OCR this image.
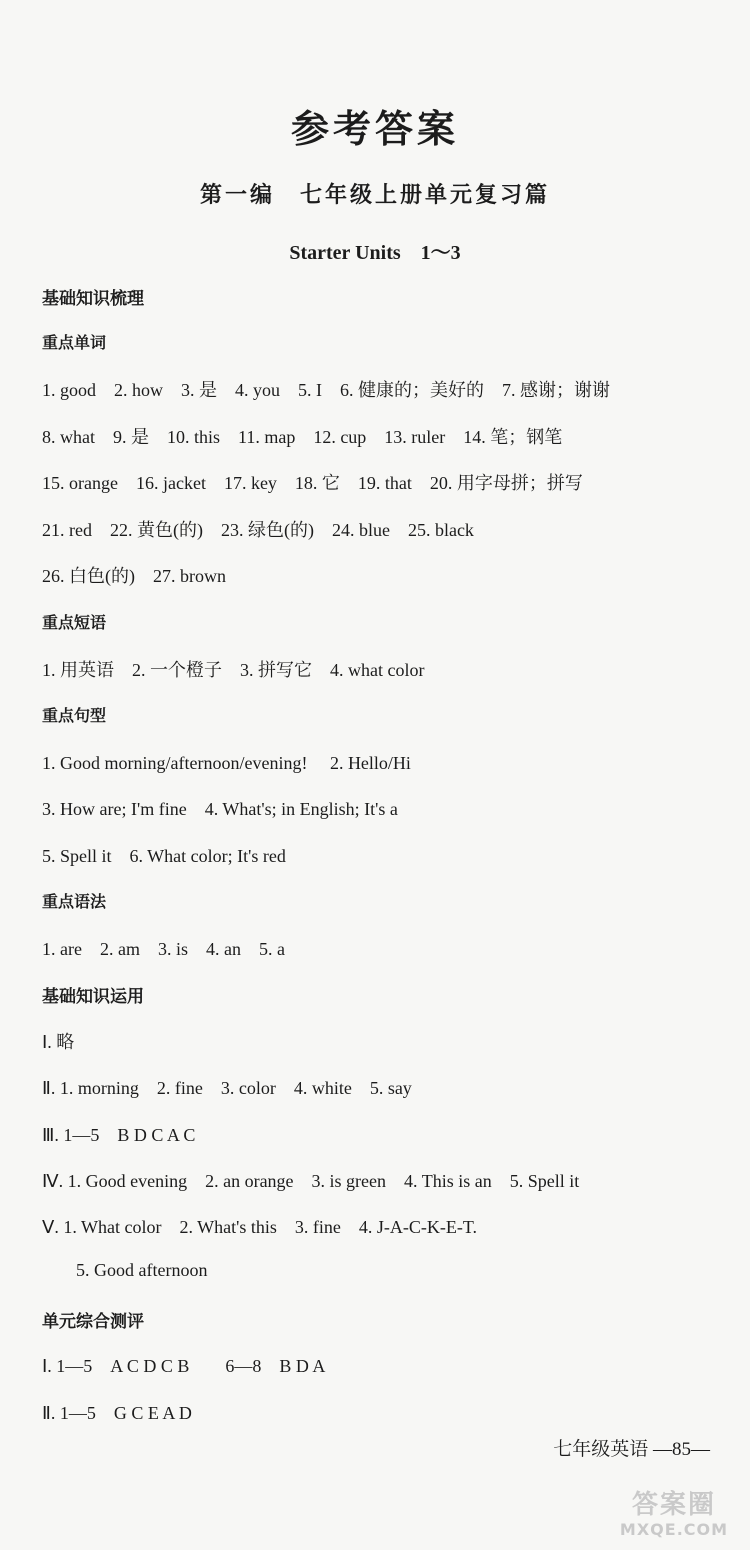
参考答案
第一编　七年级上册单元复习篇
Starter Units　1～3
基础知识梳理
重点单词
1. good　2. how　3. 是　4. you　5. I　6. 健康的；美好的　7. 感谢；谢谢
8. what　9. 是　10. this　11. map　12. cup　13. ruler　14. 笔；钢笔
15. orange　16. jacket　17. key　18. 它　19. that　20. 用字母拼；拼写
21. red　22. 黄色(的)　23. 绿色(的)　24. blue　25. black
26. 白色(的)　27. brown
重点短语
1. 用英语　2. 一个橙子　3. 拼写它　4. what color
重点句型
1. Good morning/afternoon/evening!　 2. Hello/Hi
3. How are; I'm fine　4. What's; in English; It's a
5. Spell it　6. What color; It's red
重点语法
1. are　2. am　3. is　4. an　5. a
基础知识运用
Ⅰ. 略
Ⅱ. 1. morning　2. fine　3. color　4. white　5. say
Ⅲ. 1—5　B D C A C
Ⅳ. 1. Good evening　2. an orange　3. is green　4. This is an　5. Spell it
Ⅴ. 1. What color　2. What's this　3. fine　4. J-A-C-K-E-T.
5. Good afternoon
单元综合测评
Ⅰ. 1—5　A C D C B　　6—8　B D A
Ⅱ. 1—5　G C E A D
七年级英语 —85—
答案圈
MXQE.COM
